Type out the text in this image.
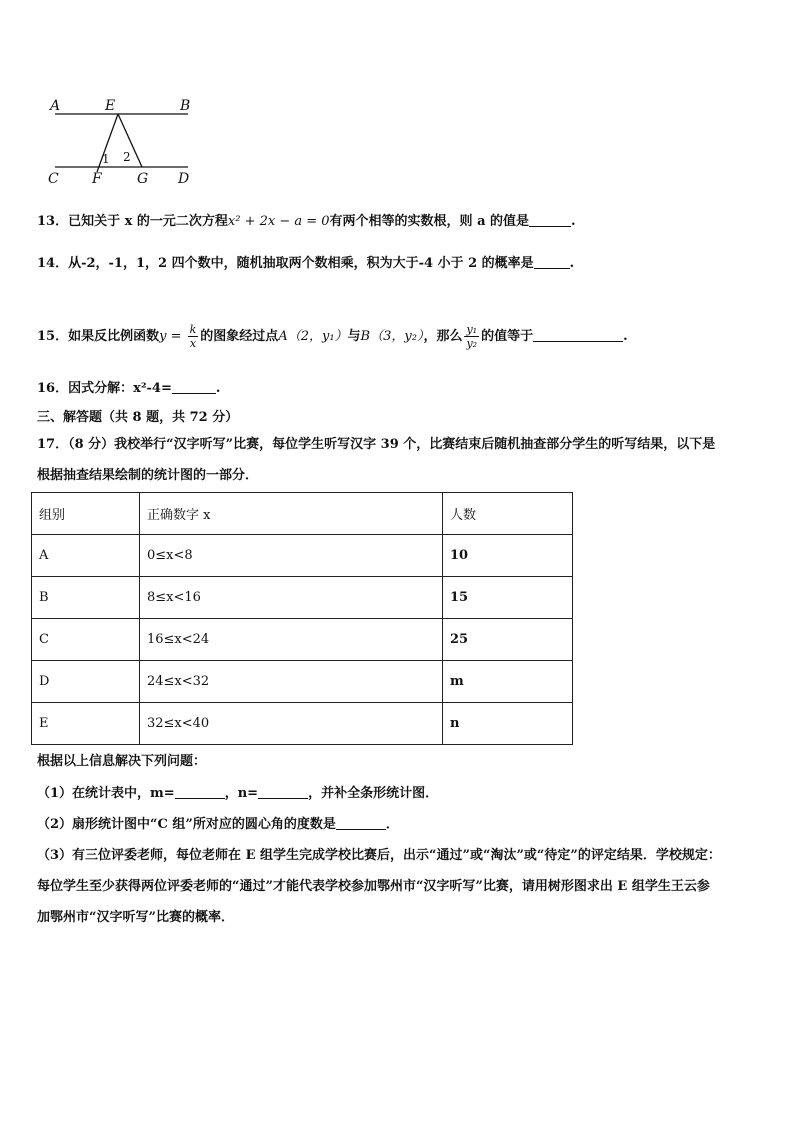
A	E	B
C F	G D
1 2
13．已知关于 x 的一元二次方程x² + 2x − a = 0有两个相等的实数根，则 a 的值是	.
14．从-2，-1，1，2 四个数中，随机抽取两个数相乘，积为大于-4 小于 2 的概率是	.
15．如果反比例函数$y = \frac{k}{x}$ 的图象经过点A（2，y₁）与B（3，y₂），那么 $\frac{\text{y₁}}{\text{y₂}}$ 的值等于	.
16．因式分解：x²-4=	.
三、解答题（共 8 题，共 72 分）
17．（8 分）我校举行“汉字听写”比赛，每位学生听写汉字 39 个，比赛结束后随机抽查部分学生的听写结果，以下是
根据抽查结果绘制的统计图的一部分．
组别	正确数字 x	人数
A	0≤x<8	10
B	8≤x<16	15
C	16≤x<24	25
D	24≤x<32	m
E	32≤x<40	n
根据以上信息解决下列问题：
（1）在统计表中，m=	，n=	，并补全条形统计图．
（2）扇形统计图中“C 组”所对应的圆心角的度数是	．
（3）有三位评委老师，每位老师在 E 组学生完成学校比赛后，出示“通过”或“淘汰”或“待定”的评定结果．学校规定：
每位学生至少获得两位评委老师的“通过”才能代表学校参加鄂州市“汉字听写”比赛，请用树形图求出 E 组学生王云参
加鄂州市“汉字听写”比赛的概率．
